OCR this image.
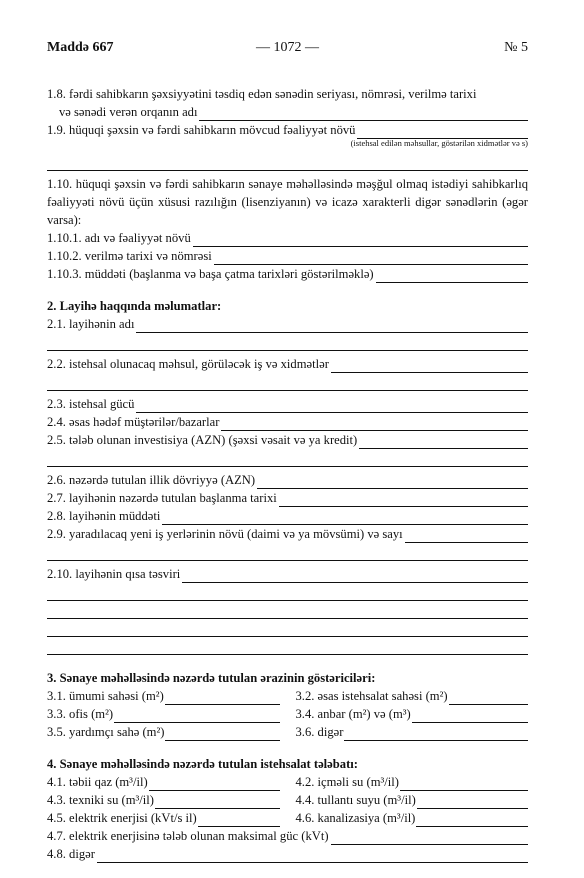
Maddə 667	— 1072 —	№ 5
1.8. fərdi sahibkarın şəxsiyyətini təsdiq edən sənədin seriyası, nömrəsi, verilmə tarixi
və sənədi verən orqanın adı
1.9. hüquqi şəxsin və fərdi sahibkarın mövcud fəaliyyət növü
(istehsal edilən məhsullar, göstərilən xidmətlər və s)

1.10. hüquqi şəxsin və fərdi sahibkarın sənaye məhəlləsində məşğul olmaq istədiyi sahibkarlıq fəaliyyəti növü üçün xüsusi razılığın (lisenziyanın) və icazə xarakterli digər sənədlərin (əgər varsa):

1.10.1. adı və fəaliyyət növü
1.10.2. verilmə tarixi və nömrəsi
1.10.3. müddəti (başlanma və başa çatma tarixləri göstərilməklə)
2. Layihə haqqında məlumatlar:
2.1. layihənin adı
2.2. istehsal olunacaq məhsul, görüləcək iş və xidmətlər
2.3. istehsal gücü
2.4. əsas hədəf müştərilər/bazarlar
2.5. tələb olunan investisiya (AZN) (şəxsi vəsait və ya kredit)
2.6. nəzərdə tutulan illik dövriyyə (AZN)
2.7. layihənin nəzərdə tutulan başlanma tarixi
2.8. layihənin müddəti
2.9. yaradılacaq yeni iş yerlərinin növü (daimi və ya mövsümi) və sayı
2.10. layihənin qısa təsviri
3. Sənaye məhəlləsində nəzərdə tutulan ərazinin göstəriciləri:
3.1. ümumi sahəsi (m²)	3.2. əsas istehsalat sahəsi (m²)
3.3. ofis (m²)	3.4. anbar (m²) və (m³)
3.5. yardımçı sahə (m²)	3.6. digər
4. Sənaye məhəlləsində nəzərdə tutulan istehsalat tələbatı:
4.1. təbii qaz (m³/il)	4.2. içməli su (m³/il)
4.3. texniki su (m³/il)	4.4. tullantı suyu (m³/il)
4.5. elektrik enerjisi (kVt/s il)	4.6. kanalizasiya (m³/il)
4.7. elektrik enerjisinə tələb olunan maksimal güc (kVt)
4.8. digər
